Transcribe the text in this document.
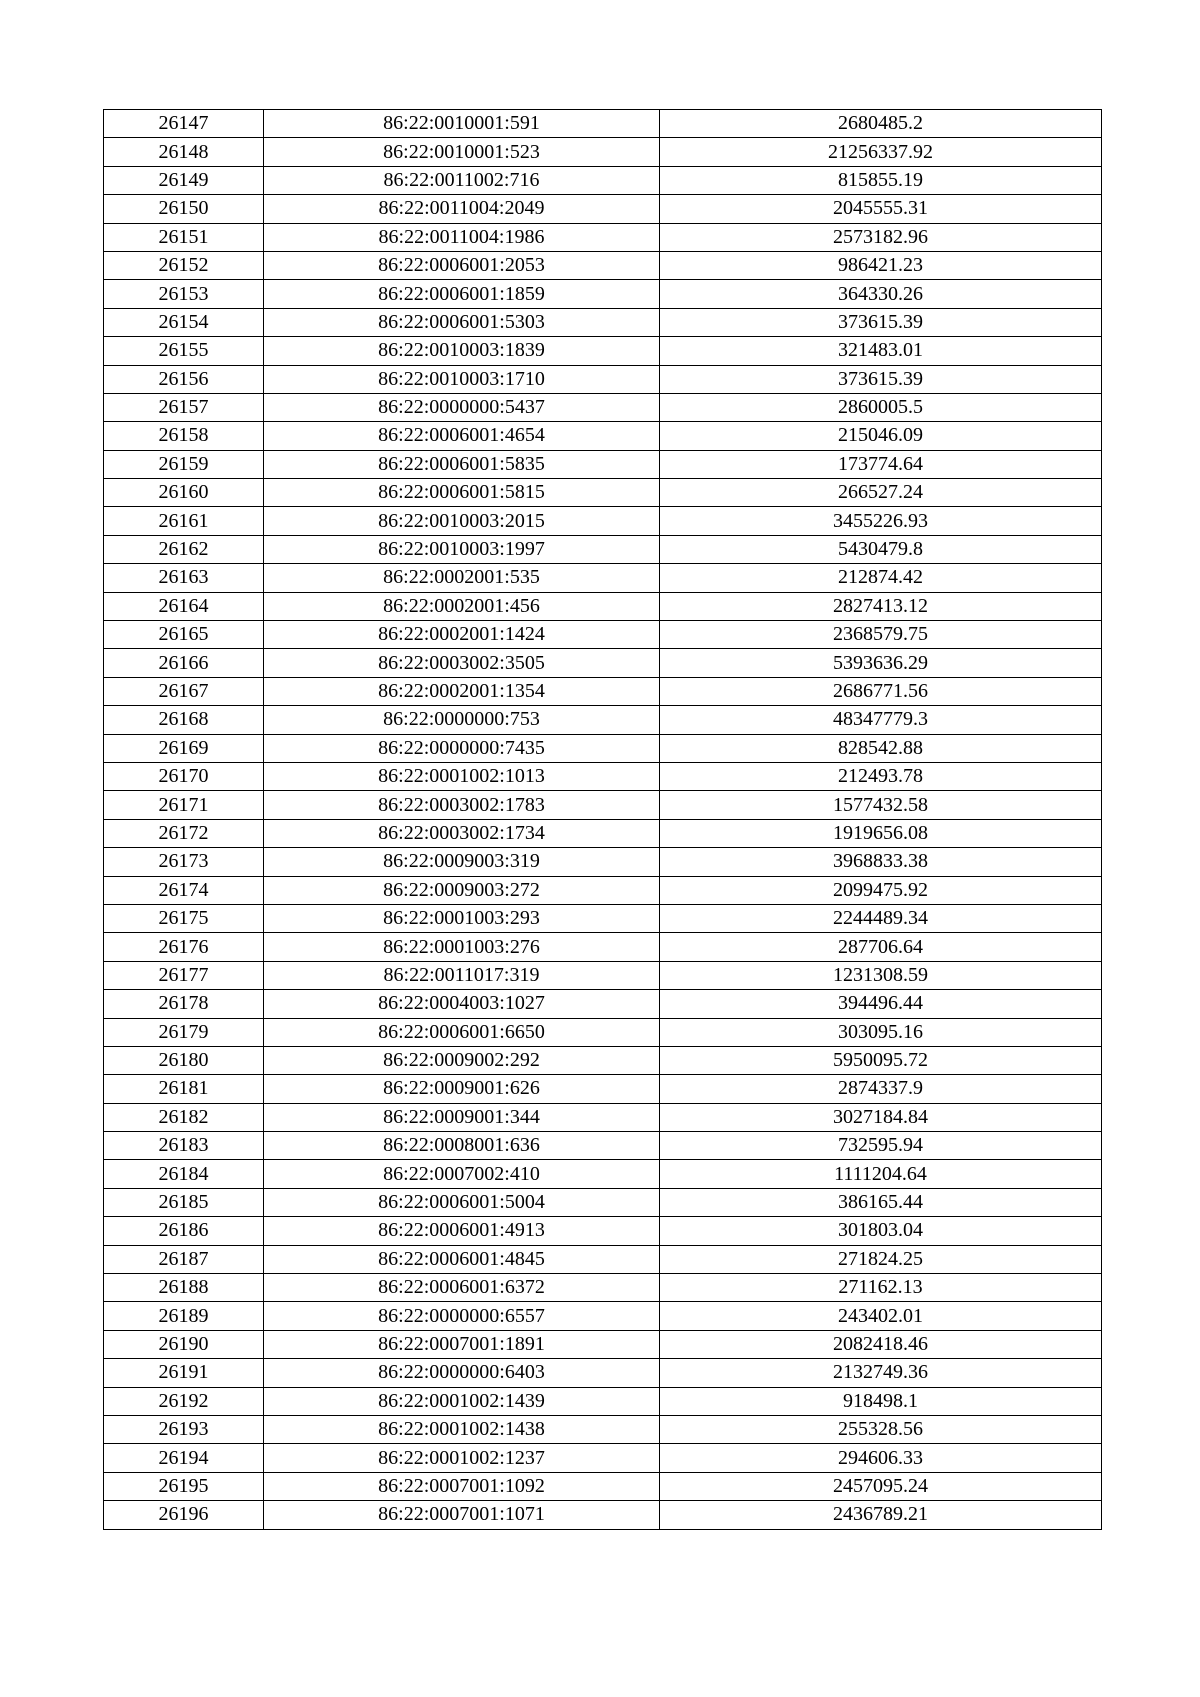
26147	86:22:0010001:591	2680485.2
26148	86:22:0010001:523	21256337.92
26149	86:22:0011002:716	815855.19
26150	86:22:0011004:2049	2045555.31
26151	86:22:0011004:1986	2573182.96
26152	86:22:0006001:2053	986421.23
26153	86:22:0006001:1859	364330.26
26154	86:22:0006001:5303	373615.39
26155	86:22:0010003:1839	321483.01
26156	86:22:0010003:1710	373615.39
26157	86:22:0000000:5437	2860005.5
26158	86:22:0006001:4654	215046.09
26159	86:22:0006001:5835	173774.64
26160	86:22:0006001:5815	266527.24
26161	86:22:0010003:2015	3455226.93
26162	86:22:0010003:1997	5430479.8
26163	86:22:0002001:535	212874.42
26164	86:22:0002001:456	2827413.12
26165	86:22:0002001:1424	2368579.75
26166	86:22:0003002:3505	5393636.29
26167	86:22:0002001:1354	2686771.56
26168	86:22:0000000:753	48347779.3
26169	86:22:0000000:7435	828542.88
26170	86:22:0001002:1013	212493.78
26171	86:22:0003002:1783	1577432.58
26172	86:22:0003002:1734	1919656.08
26173	86:22:0009003:319	3968833.38
26174	86:22:0009003:272	2099475.92
26175	86:22:0001003:293	2244489.34
26176	86:22:0001003:276	287706.64
26177	86:22:0011017:319	1231308.59
26178	86:22:0004003:1027	394496.44
26179	86:22:0006001:6650	303095.16
26180	86:22:0009002:292	5950095.72
26181	86:22:0009001:626	2874337.9
26182	86:22:0009001:344	3027184.84
26183	86:22:0008001:636	732595.94
26184	86:22:0007002:410	1111204.64
26185	86:22:0006001:5004	386165.44
26186	86:22:0006001:4913	301803.04
26187	86:22:0006001:4845	271824.25
26188	86:22:0006001:6372	271162.13
26189	86:22:0000000:6557	243402.01
26190	86:22:0007001:1891	2082418.46
26191	86:22:0000000:6403	2132749.36
26192	86:22:0001002:1439	918498.1
26193	86:22:0001002:1438	255328.56
26194	86:22:0001002:1237	294606.33
26195	86:22:0007001:1092	2457095.24
26196	86:22:0007001:1071	2436789.21
